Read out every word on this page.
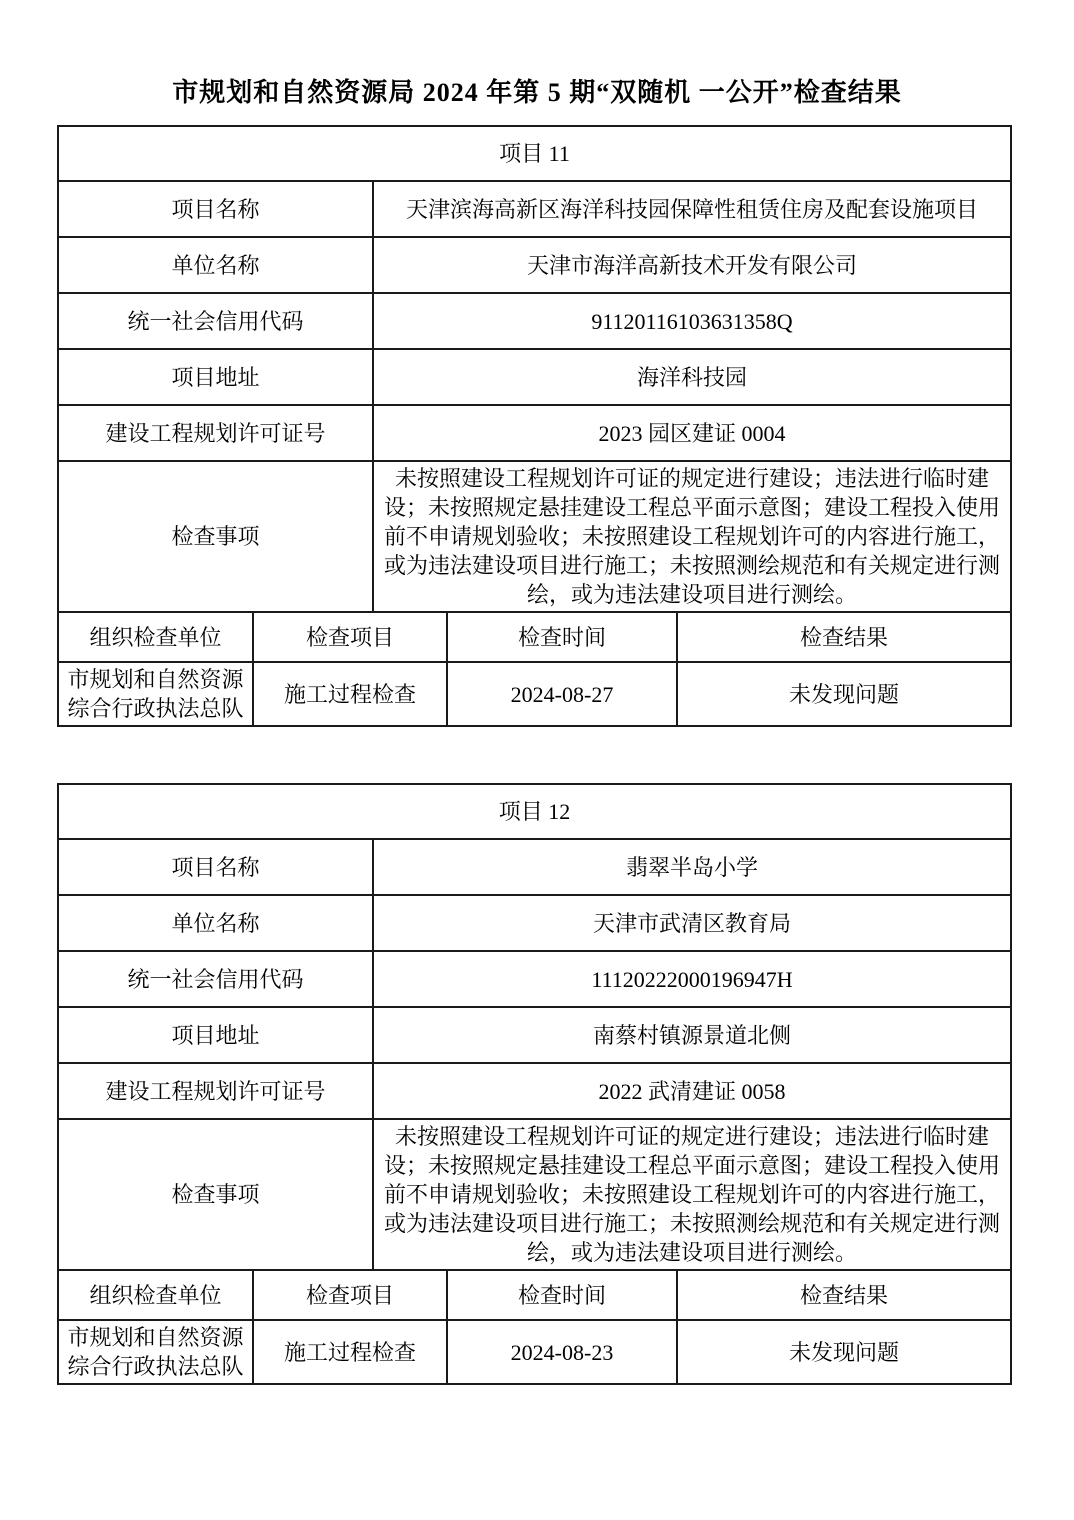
市规划和自然资源局 2024 年第 5 期“双随机 一公开”检查结果
项目 11				
项目名称		天津滨海高新区海洋科技园保障性租赁住房及配套设施项目		
单位名称		天津市海洋高新技术开发有限公司		
统一社会信用代码		91120116103631358Q		
项目地址		海洋科技园		
建设工程规划许可证号		2023 园区建证 0004		
检查事项		未按照建设工程规划许可证的规定进行建设；违法进行临时建设；未按照规定悬挂建设工程总平面示意图；建设工程投入使用前不申请规划验收；未按照建设工程规划许可的内容进行施工，或为违法建设项目进行施工；未按照测绘规范和有关规定进行测绘，或为违法建设项目进行测绘。		
组织检查单位	检查项目		检查时间	检查结果
市规划和自然资源综合行政执法总队	施工过程检查		2024-08-27	未发现问题
项目 12				
项目名称		翡翠半岛小学		
单位名称		天津市武清区教育局		
统一社会信用代码		11120222000196947H		
项目地址		南蔡村镇源景道北侧		
建设工程规划许可证号		2022 武清建证 0058		
检查事项		未按照建设工程规划许可证的规定进行建设；违法进行临时建设；未按照规定悬挂建设工程总平面示意图；建设工程投入使用前不申请规划验收；未按照建设工程规划许可的内容进行施工，或为违法建设项目进行施工；未按照测绘规范和有关规定进行测绘，或为违法建设项目进行测绘。		
组织检查单位	检查项目		检查时间	检查结果
市规划和自然资源综合行政执法总队	施工过程检查		2024-08-23	未发现问题
